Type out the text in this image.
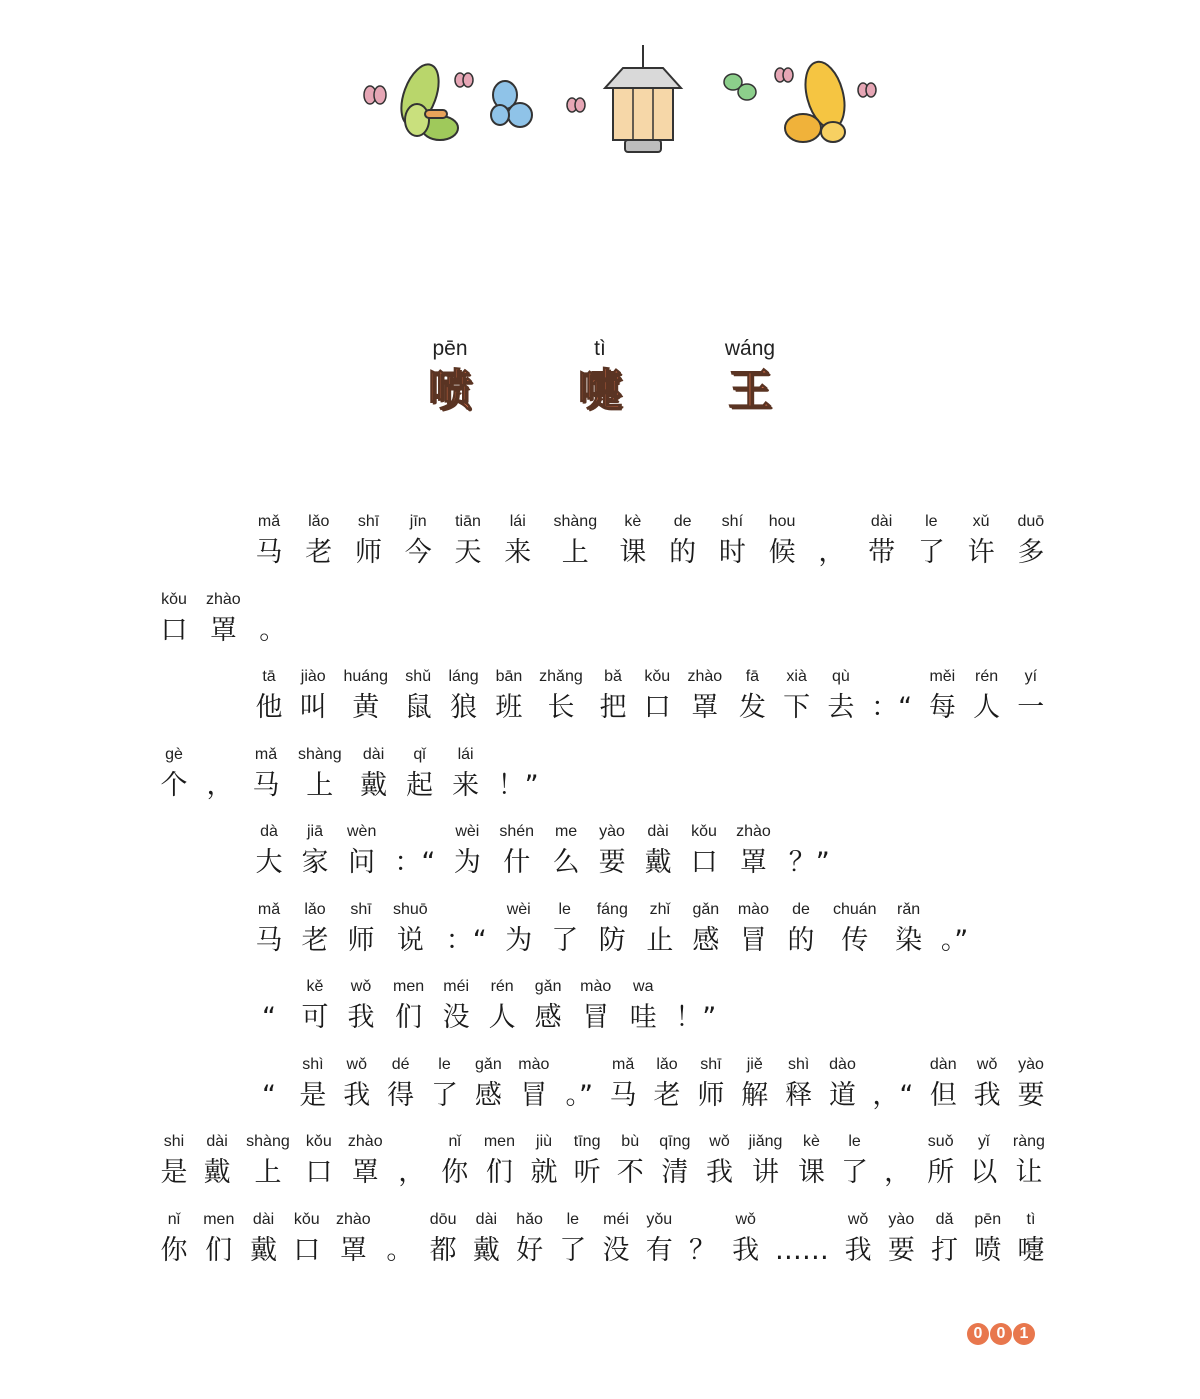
pēn
喷
tì
嚏
wáng
王
mǎ
马
lǎo
老
shī
师
jīn
今
tiān
天
lái
来
shàng
上
kè
课
de
的
shí
时
hou
候 ，
dài
带
le
了
xǔ
许
duō
多
kǒu
口
zhào
罩 。
tā
他
jiào
叫
huáng
黄
shǔ
鼠
láng
狼
bān
班
zhǎng
长
bǎ
把
kǒu
口
zhào
罩
fā
发
xià
下
qù
去 ：“
měi
每
rén
人
yí
一
gè
个 ，
mǎ
马
shàng
上
dài
戴
qǐ
起
lái
来 ！”
dà
大
jiā
家
wèn
问 ：“
wèi
为
shén
什
me
么
yào
要
dài
戴
kǒu
口
zhào
罩 ？”
mǎ
马
lǎo
老
shī
师
shuō
说 ：“
wèi
为
le
了
fáng
防
zhǐ
止
gǎn
感
mào
冒
de
的
chuán
传
rǎn
染 。”
“
kě
可
wǒ
我
men
们
méi
没
rén
人
gǎn
感
mào
冒
wa
哇 ！”
“
shì
是
wǒ
我
dé
得
le
了
gǎn
感
mào
冒 。”
mǎ
马
lǎo
老
shī
师
jiě
解
shì
释
dào
道 ，“
dàn
但
wǒ
我
yào
要
shi
是
dài
戴
shàng
上
kǒu
口
zhào
罩 ，
nǐ
你
men
们
jiù
就
tīng
听
bù
不
qīng
清
wǒ
我
jiǎng
讲
kè
课
le
了 ，
suǒ
所
yǐ
以
ràng
让
nǐ
你
men
们
dài
戴
kǒu
口
zhào
罩 。
dōu
都
dài
戴
hǎo
好
le
了
méi
没
yǒu
有 ？
wǒ
我 ……
wǒ
我
yào
要
dǎ
打
pēn
喷
tì
嚏
0 0 1
